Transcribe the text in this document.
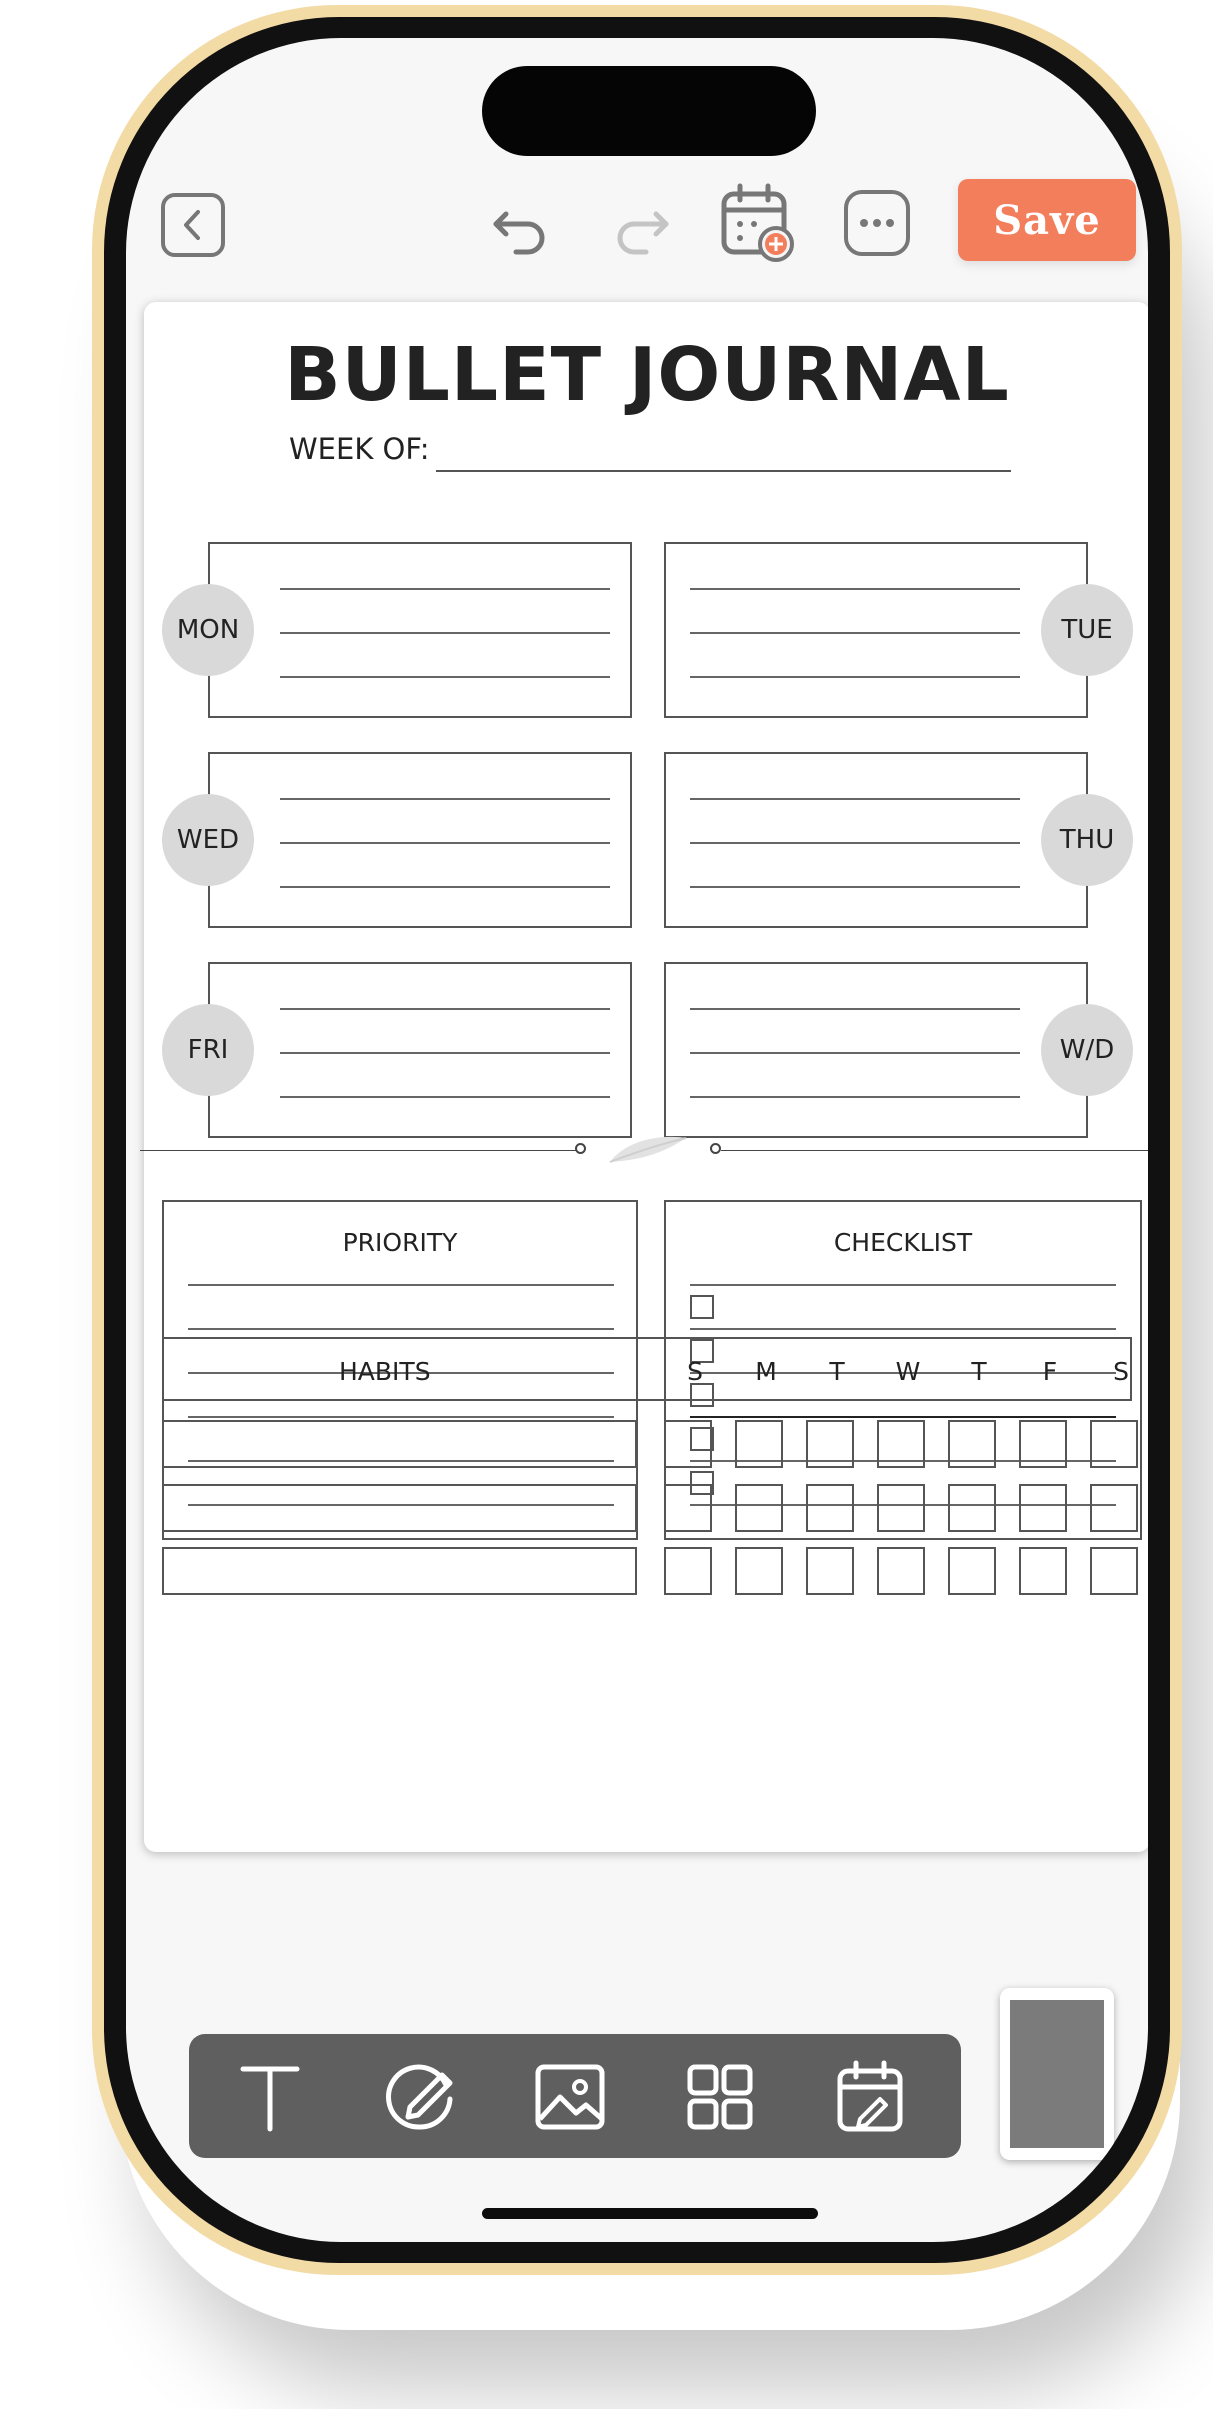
Save
BULLET JOURNAL
WEEK OF:
MON	TUE
WED	THU
FRI	W/D
PRIORITY	CHECKLIST
HABITS	S	M	T	W	T	F	S
